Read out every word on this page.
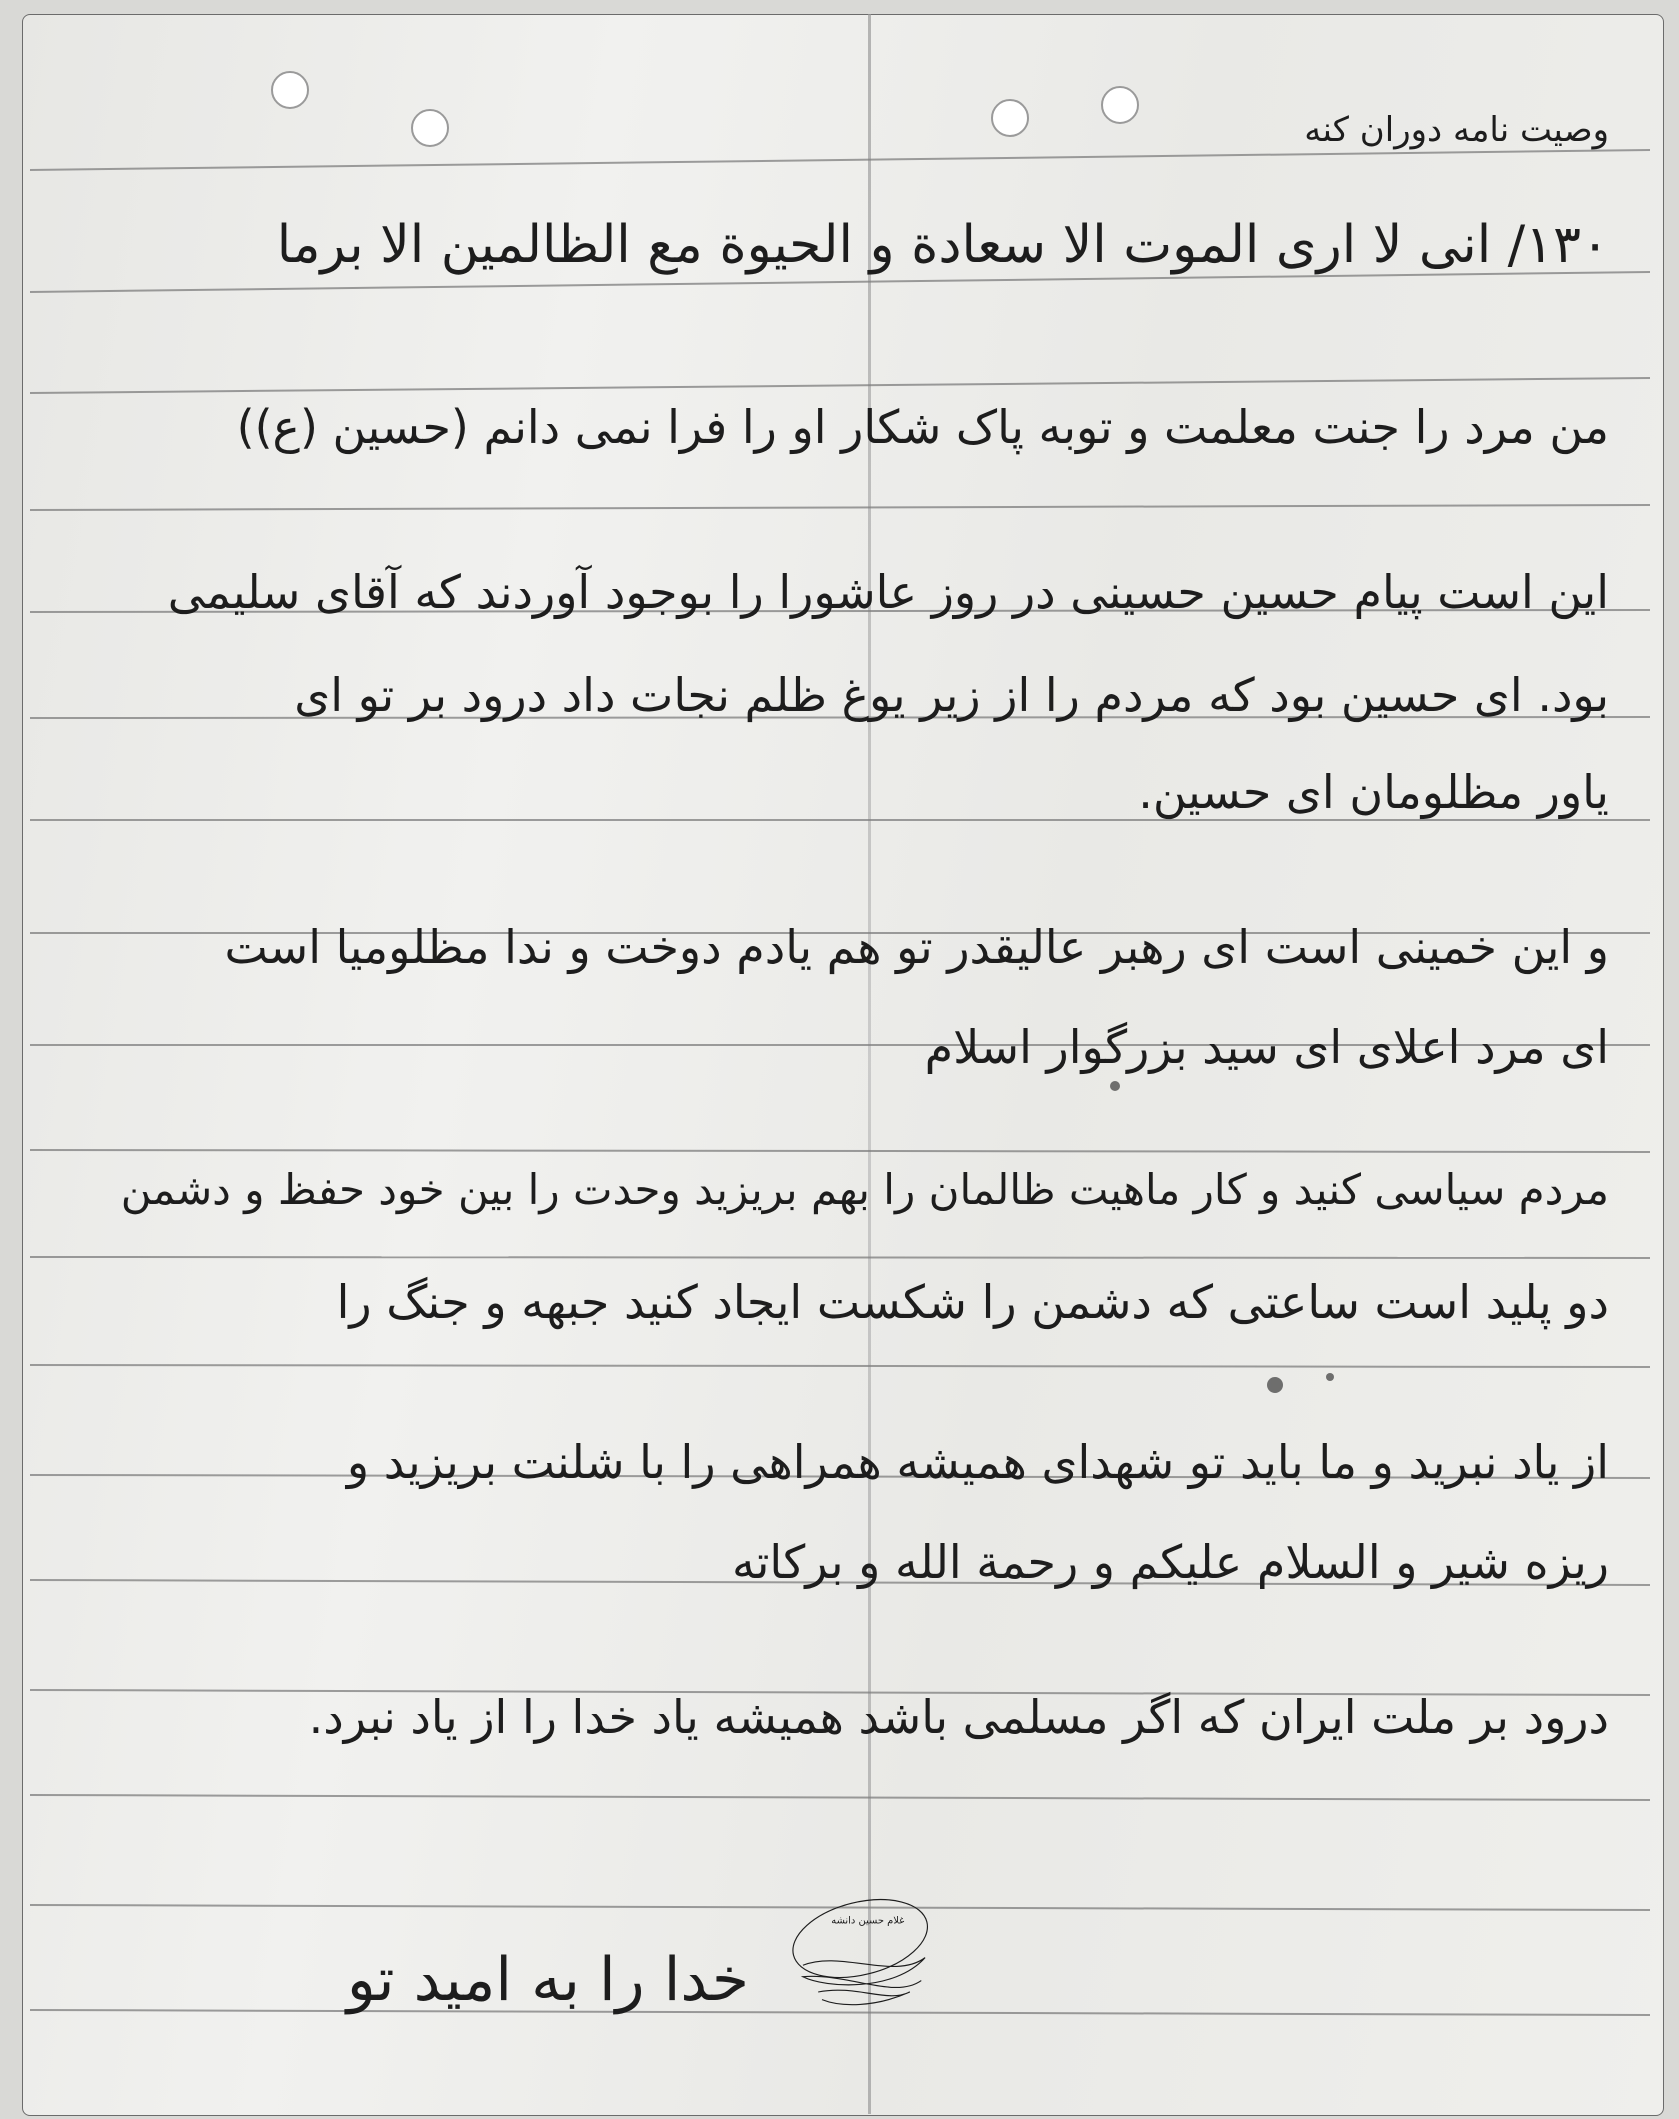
وصیت نامه دوران کنه
۱۳۰/ انی لا ارى الموت الا سعادة و الحیوة مع الظالمین الا برما
من مرد را جنت معلمت و توبه پاک شکار او را فرا نمی دانم (حسین (ع))
این است پیام حسین حسینی در روز عاشورا را بوجود آوردند که آقای سلیمی
بود. ای حسین بود که مردم را از زیر یوغ ظلم نجات داد درود بر تو ای
یاور مظلومان ای حسین.
و این خمینی است ای رهبر عالیقدر تو هم یادم دوخت و ندا مظلومیا است
ای مرد اعلای ای سید بزرگوار اسلام
مردم سیاسی کنید و کار ماهیت ظالمان را بهم بریزید وحدت را بین خود حفظ و دشمن
دو پلید است ساعتی که دشمن را شکست ایجاد کنید جبهه و جنگ را
از یاد نبرید و ما باید تو شهدای همیشه همراهی را با شلنت بریزید و
ریزه شیر و السلام علیکم و رحمة الله و برکاته
درود بر ملت ایران که اگر مسلمی باشد همیشه یاد خدا را از یاد نبرد.
خدا را به امید تو
غلام حسین دانشه
